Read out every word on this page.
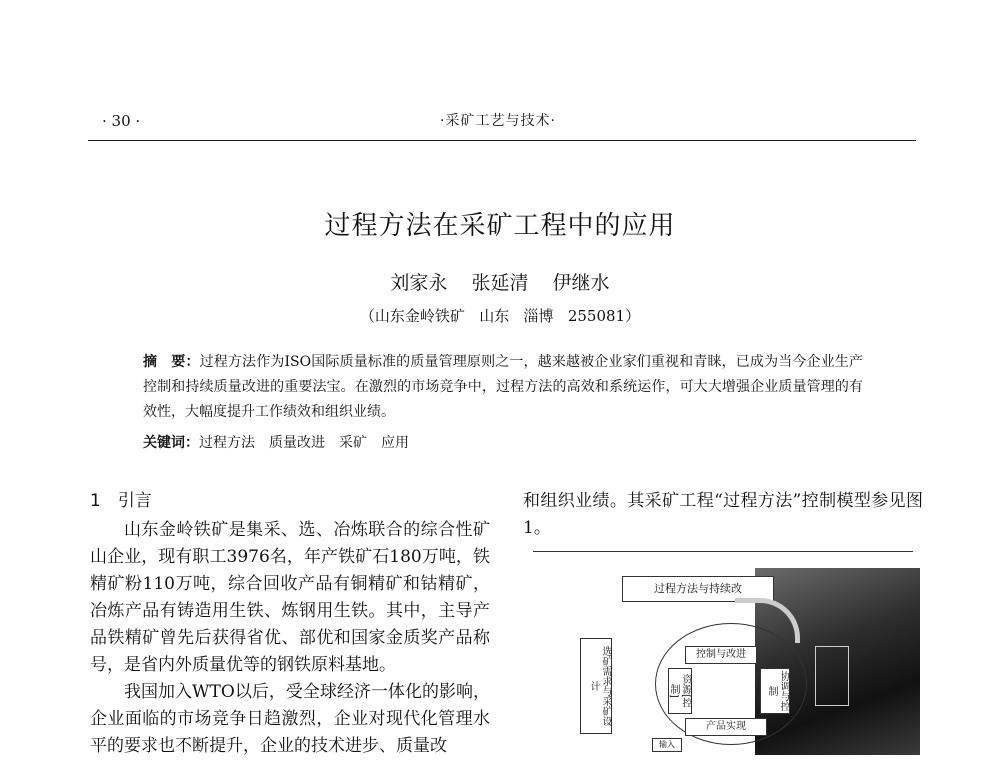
· 30 ·	·采矿工艺与技术·
过程方法在采矿工程中的应用
刘家永 张延清 伊继水
（山东金岭铁矿   山东   淄博   255081）
摘　要：过程方法作为ISO国际质量标准的质量管理原则之一，越来越被企业家们重视和青睐，已成为当今企业生产控制和持续质量改进的重要法宝。在激烈的市场竞争中，过程方法的高效和系统运作，可大大增强企业质量管理的有效性，大幅度提升工作绩效和组织业绩。
关键词：过程方法　质量改进　采矿　应用
1　引言

山东金岭铁矿是集采、选、冶炼联合的综合性矿山企业，现有职工3976名，年产铁矿石180万吨，铁精矿粉110万吨，综合回收产品有铜精矿和钴精矿，冶炼产品有铸造用生铁、炼钢用生铁。其中，主导产品铁精矿曾先后获得省优、部优和国家金质奖产品称号，是省内外质量优等的钢铁原料基地。

我国加入WTO以后，受全球经济一体化的影响，企业面临的市场竞争日趋激烈，企业对现代化管理水平的要求也不断提升，企业的技术进步、质量改

和组织业绩。其采矿工程“过程方法”控制模型参见图1。
过程方法与持续改
选矿需求与采矿设计
控制与改进
资源[控制]	协调与控制
产品实现
输入
